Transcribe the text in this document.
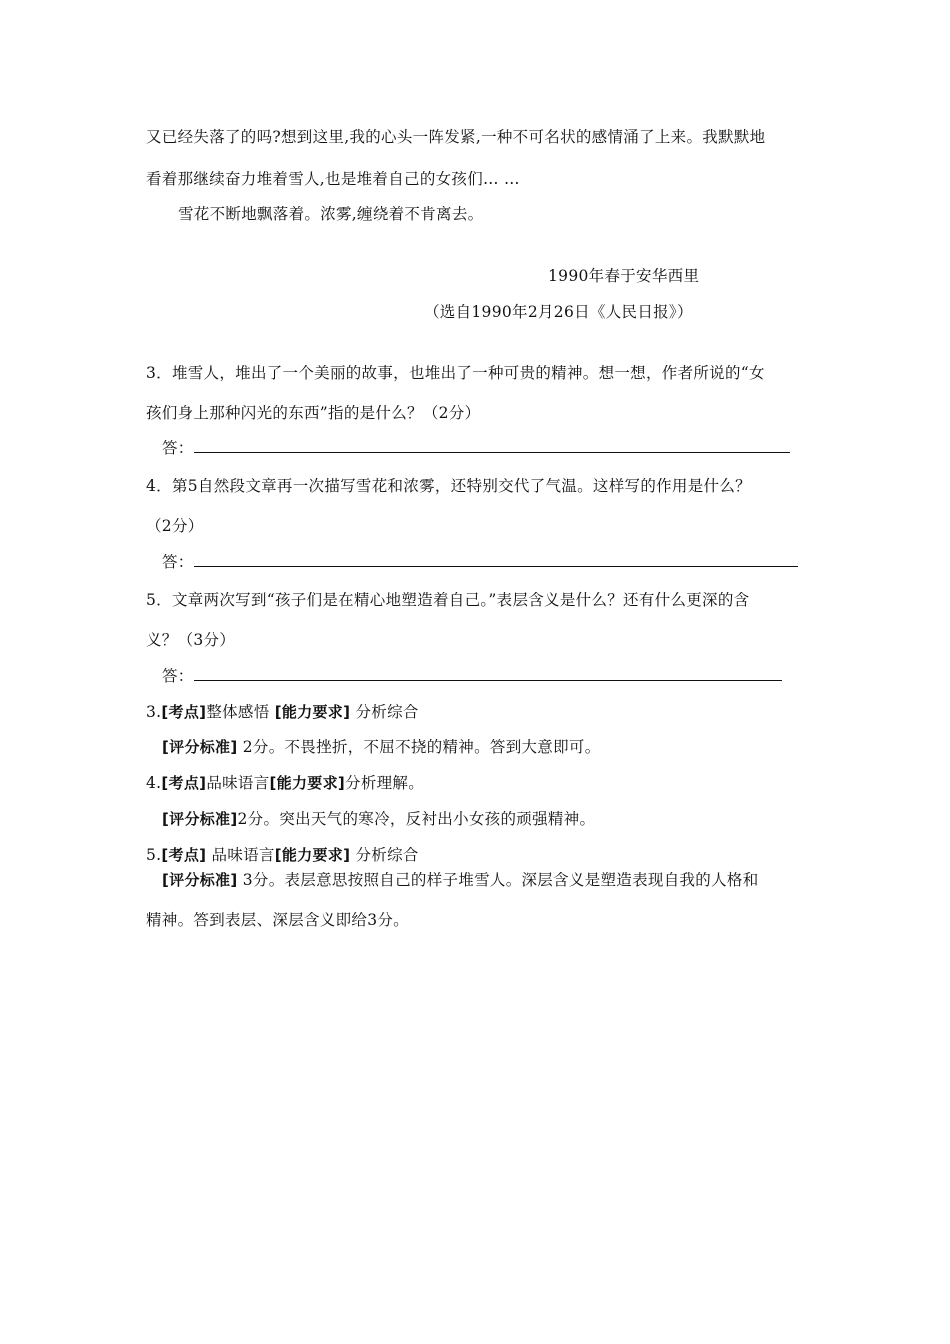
又已经失落了的吗?想到这里,我的心头一阵发紧,一种不可名状的感情涌了上来。我默默地
看着那继续奋力堆着雪人,也是堆着自己的女孩们… …
雪花不断地飘落着。浓雾,缠绕着不肯离去。
1990年春于安华西里
（选自1990年2月26日《人民日报》）
3．堆雪人，堆出了一个美丽的故事，也堆出了一种可贵的精神。想一想，作者所说的“女
孩们身上那种闪光的东西”指的是什么？（2分）
答：
4．第5自然段文章再一次描写雪花和浓雾，还特别交代了气温。这样写的作用是什么？
（2分）
答：
5．文章两次写到“孩子们是在精心地塑造着自己。”表层含义是什么？还有什么更深的含
义？（3分）
答：
3.[考点]整体感悟 [能力要求] 分析综合
[评分标准] 2分。不畏挫折，不屈不挠的精神。答到大意即可。
4.[考点]品味语言[能力要求]分析理解。
[评分标准]2分。突出天气的寒冷，反衬出小女孩的顽强精神。
5.[考点] 品味语言[能力要求] 分析综合
[评分标准] 3分。表层意思按照自己的样子堆雪人。深层含义是塑造表现自我的人格和
精神。答到表层、深层含义即给3分。
